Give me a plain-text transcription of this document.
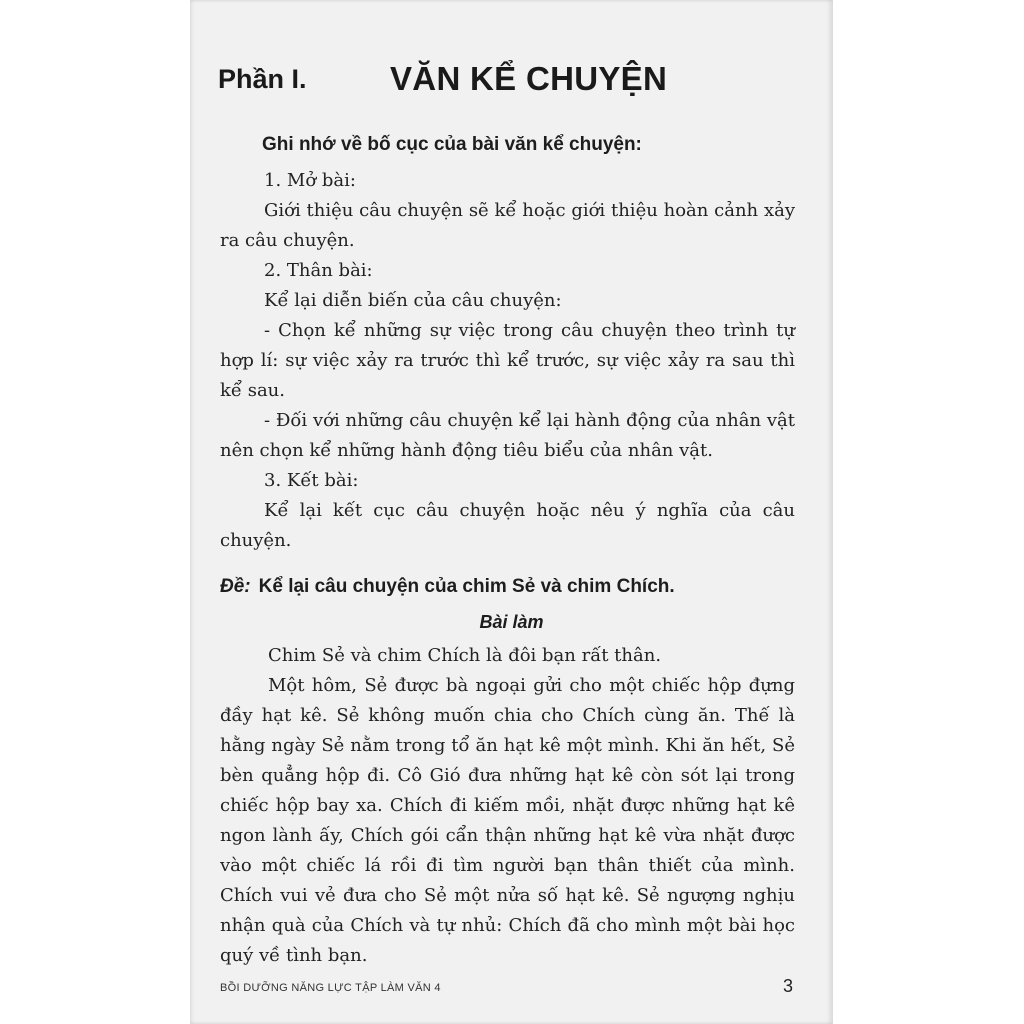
Phần I.	VĂN KỂ CHUYỆN
Ghi nhớ về bố cục của bài văn kể chuyện:

1. Mở bài:

Giới thiệu câu chuyện sẽ kể hoặc giới thiệu hoàn cảnh xảy ra câu chuyện.

2. Thân bài:

Kể lại diễn biến của câu chuyện:

- Chọn kể những sự việc trong câu chuyện theo trình tự hợp lí: sự việc xảy ra trước thì kể trước, sự việc xảy ra sau thì kể sau.

- Đối với những câu chuyện kể lại hành động của nhân vật nên chọn kể những hành động tiêu biểu của nhân vật.

3. Kết bài:

Kể lại kết cục câu chuyện hoặc nêu ý nghĩa của câu chuyện.

Đề: Kể lại câu chuyện của chim Sẻ và chim Chích.
Bài làm

Chim Sẻ và chim Chích là đôi bạn rất thân.

Một hôm, Sẻ được bà ngoại gửi cho một chiếc hộp đựng đầy hạt kê. Sẻ không muốn chia cho Chích cùng ăn. Thế là hằng ngày Sẻ nằm trong tổ ăn hạt kê một mình. Khi ăn hết, Sẻ bèn quẳng hộp đi. Cô Gió đưa những hạt kê còn sót lại trong chiếc hộp bay xa. Chích đi kiếm mồi, nhặt được những hạt kê ngon lành ấy, Chích gói cẩn thận những hạt kê vừa nhặt được vào một chiếc lá rồi đi tìm người bạn thân thiết của mình. Chích vui vẻ đưa cho Sẻ một nửa số hạt kê. Sẻ ngượng nghịu nhận quà của Chích và tự nhủ: Chích đã cho mình một bài học quý về tình bạn.

BỒI DƯỠNG NĂNG LỰC TẬP LÀM VĂN 4	3
